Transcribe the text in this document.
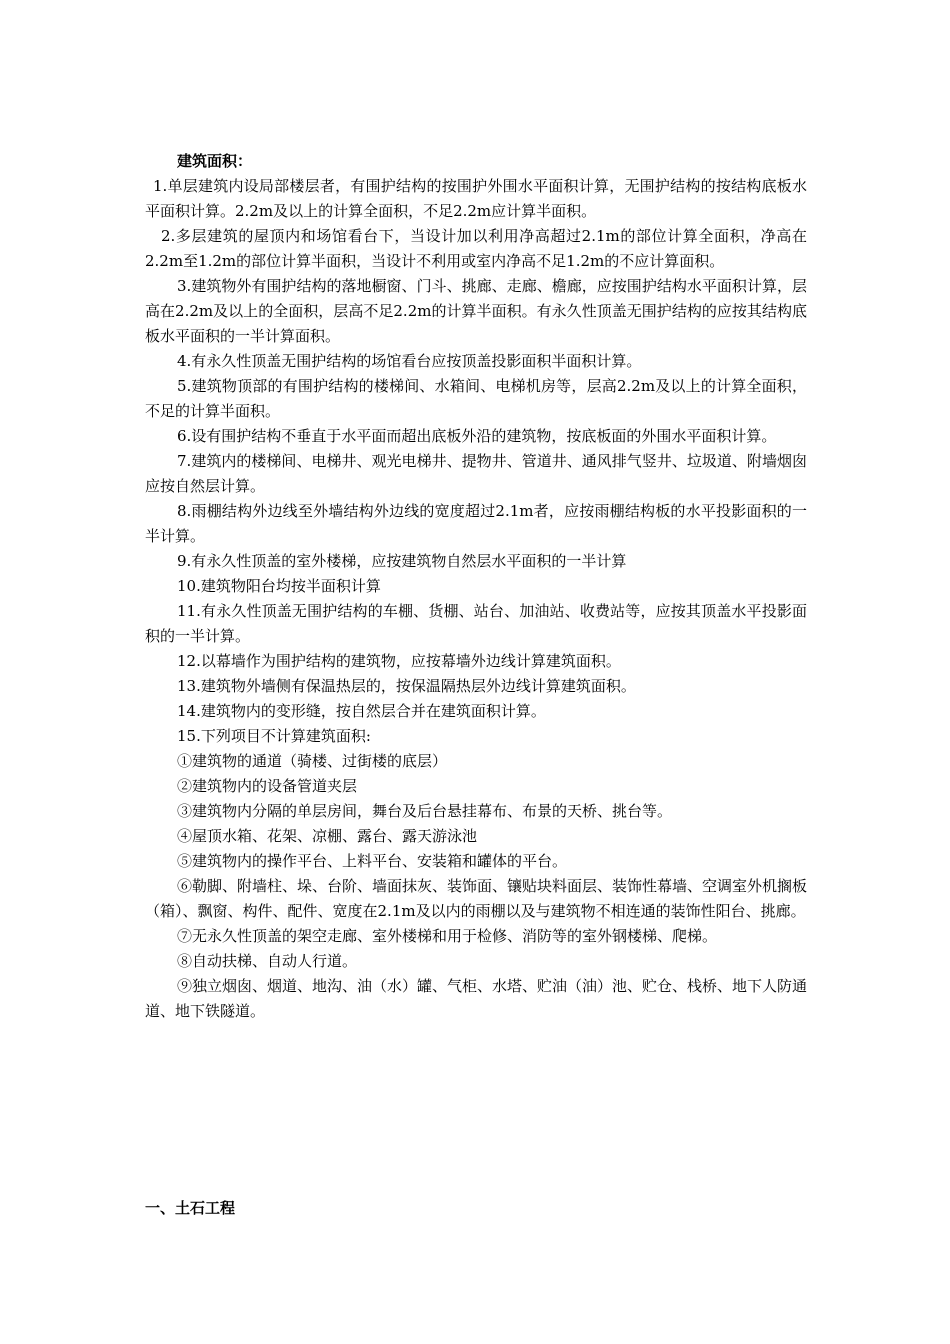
建筑面积：

1.单层建筑内设局部楼层者，有围护结构的按围护外围水平面积计算，无围护结构的按结构底板水平面积计算。2.2m及以上的计算全面积，不足2.2m应计算半面积。

2.多层建筑的屋顶内和场馆看台下，当设计加以利用净高超过2.1m的部位计算全面积，净高在2.2m至1.2m的部位计算半面积，当设计不利用或室内净高不足1.2m的不应计算面积。

3.建筑物外有围护结构的落地橱窗、门斗、挑廊、走廊、檐廊，应按围护结构水平面积计算，层高在2.2m及以上的全面积，层高不足2.2m的计算半面积。有永久性顶盖无围护结构的应按其结构底板水平面积的一半计算面积。

4.有永久性顶盖无围护结构的场馆看台应按顶盖投影面积半面积计算。

5.建筑物顶部的有围护结构的楼梯间、水箱间、电梯机房等，层高2.2m及以上的计算全面积，不足的计算半面积。

6.设有围护结构不垂直于水平面而超出底板外沿的建筑物，按底板面的外围水平面积计算。

7.建筑内的楼梯间、电梯井、观光电梯井、提物井、管道井、通风排气竖井、垃圾道、附墙烟囱应按自然层计算。

8.雨棚结构外边线至外墙结构外边线的宽度超过2.1m者，应按雨棚结构板的水平投影面积的一半计算。

9.有永久性顶盖的室外楼梯，应按建筑物自然层水平面积的一半计算

10.建筑物阳台均按半面积计算

11.有永久性顶盖无围护结构的车棚、货棚、站台、加油站、收费站等，应按其顶盖水平投影面积的一半计算。

12.以幕墙作为围护结构的建筑物，应按幕墙外边线计算建筑面积。

13.建筑物外墙侧有保温热层的，按保温隔热层外边线计算建筑面积。

14.建筑物内的变形缝，按自然层合并在建筑面积计算。

15.下列项目不计算建筑面积:

①建筑物的通道（骑楼、过街楼的底层）

②建筑物内的设备管道夹层

③建筑物内分隔的单层房间，舞台及后台悬挂幕布、布景的天桥、挑台等。

④屋顶水箱、花架、凉棚、露台、露天游泳池

⑤建筑物内的操作平台、上料平台、安装箱和罐体的平台。

⑥勒脚、附墙柱、垛、台阶、墙面抹灰、装饰面、镶贴块料面层、装饰性幕墙、空调室外机搁板（箱）、飘窗、构件、配件、宽度在2.1m及以内的雨棚以及与建筑物不相连通的装饰性阳台、挑廊。

⑦无永久性顶盖的架空走廊、室外楼梯和用于检修、消防等的室外钢楼梯、爬梯。

⑧自动扶梯、自动人行道。

⑨独立烟囱、烟道、地沟、油（水）罐、气柜、水塔、贮油（油）池、贮仓、栈桥、地下人防通道、地下铁隧道。

一、土石工程
